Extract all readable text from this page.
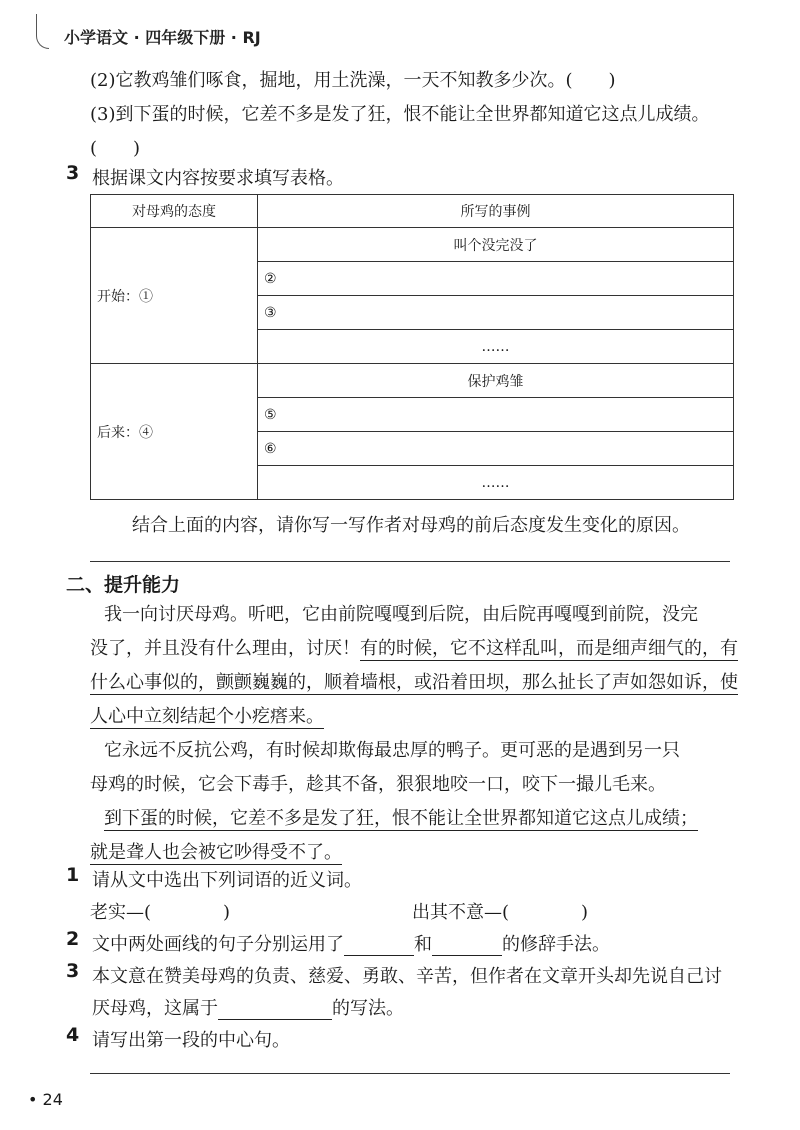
小学语文 · 四年级下册 · RJ
(2)它教鸡雏们啄食，掘地，用土洗澡，一天不知教多少次。(　　)
(3)到下蛋的时候，它差不多是发了狂，恨不能让全世界都知道它这点儿成绩。
(　　)
3 根据课文内容按要求填写表格。
对母鸡的态度	所写的事例
开始：①	叫个没完没了
	②
	③
	……
后来：④	保护鸡雏
	⑤
	⑥
	……
结合上面的内容，请你写一写作者对母鸡的前后态度发生变化的原因。
二、提升能力
我一向讨厌母鸡。听吧，它由前院嘎嘎到后院，由后院再嘎嘎到前院，没完
没了，并且没有什么理由，讨厌！有的时候，它不这样乱叫，而是细声细气的，有
什么心事似的，颤颤巍巍的，顺着墙根，或沿着田坝，那么扯长了声如怨如诉，使
人心中立刻结起个小疙瘩来。
它永远不反抗公鸡，有时候却欺侮最忠厚的鸭子。更可恶的是遇到另一只
母鸡的时候，它会下毒手，趁其不备，狠狠地咬一口，咬下一撮儿毛来。
到下蛋的时候，它差不多是发了狂，恨不能让全世界都知道它这点儿成绩；
就是聋人也会被它吵得受不了。
1 请从文中选出下列词语的近义词。
老实—(　　　　)	出其不意—(　　　　)
2 文中两处画线的句子分别运用了	和	的修辞手法。
3 本文意在赞美母鸡的负责、慈爱、勇敢、辛苦，但作者在文章开头却先说自己讨
厌母鸡，这属于	的写法。
4 请写出第一段的中心句。
• 24
